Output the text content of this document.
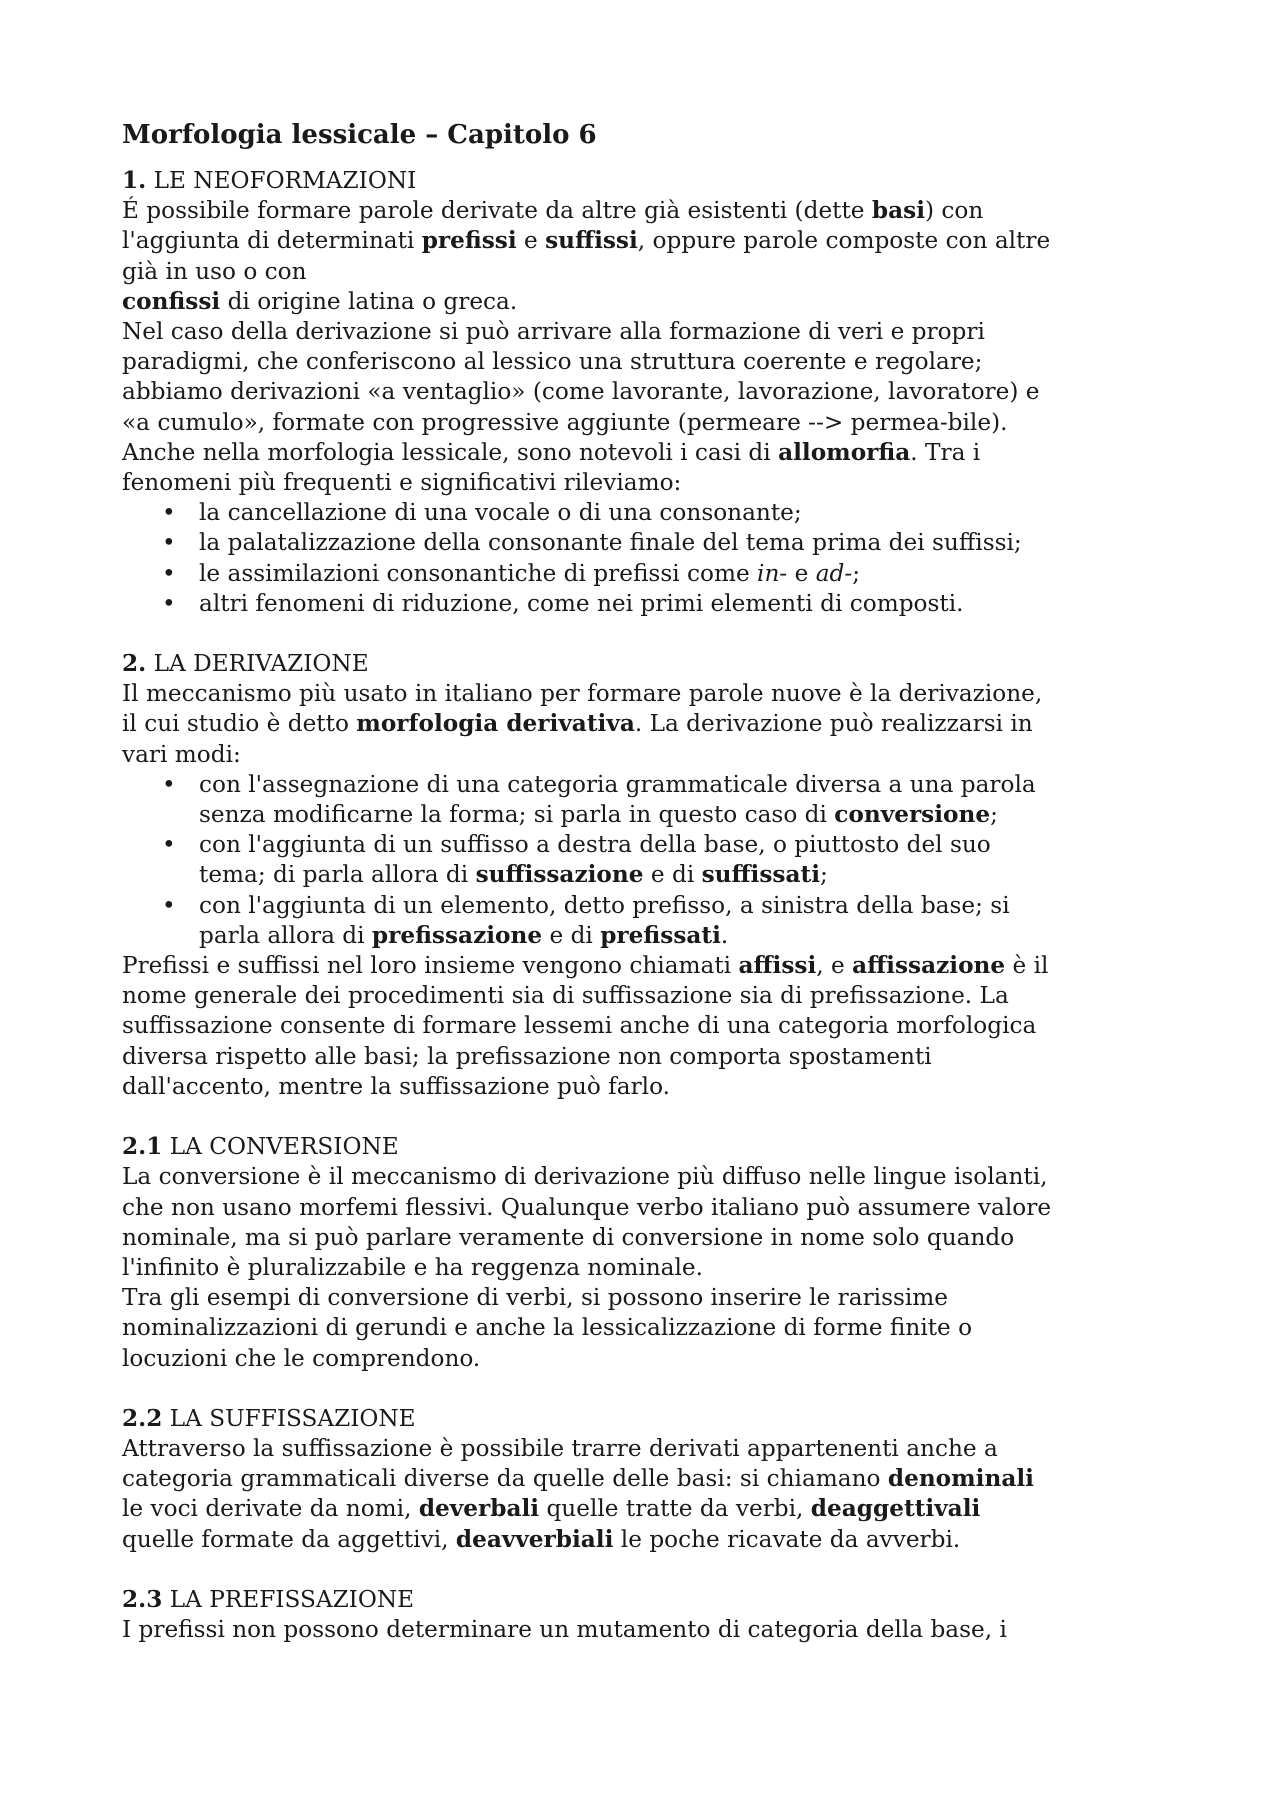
Morfologia lessicale – Capitolo 6
1. LE NEOFORMAZIONI

É possibile formare parole derivate da altre già esistenti (dette basi) con
l'aggiunta di determinati prefissi e suffissi, oppure parole composte con altre
già in uso o con
confissi di origine latina o greca.

Nel caso della derivazione si può arrivare alla formazione di veri e propri
paradigmi, che conferiscono al lessico una struttura coerente e regolare;
abbiamo derivazioni «a ventaglio» (come lavorante, lavorazione, lavoratore) e
«a cumulo», formate con progressive aggiunte (permeare --> permea-bile).

Anche nella morfologia lessicale, sono notevoli i casi di allomorfia. Tra i
fenomeni più frequenti e significativi rileviamo:

• la cancellazione di una vocale o di una consonante;
• la palatalizzazione della consonante finale del tema prima dei suffissi;
• le assimilazioni consonantiche di prefissi come in- e ad-;
• altri fenomeni di riduzione, come nei primi elementi di composti.
2. LA DERIVAZIONE

Il meccanismo più usato in italiano per formare parole nuove è la derivazione,
il cui studio è detto morfologia derivativa. La derivazione può realizzarsi in
vari modi:

• con l'assegnazione di una categoria grammaticale diversa a una parola
senza modificarne la forma; si parla in questo caso di conversione;
• con l'aggiunta di un suffisso a destra della base, o piuttosto del suo
tema; di parla allora di suffissazione e di suffissati;
• con l'aggiunta di un elemento, detto prefisso, a sinistra della base; si
parla allora di prefissazione e di prefissati.

Prefissi e suffissi nel loro insieme vengono chiamati affissi, e affissazione è il
nome generale dei procedimenti sia di suffissazione sia di prefissazione. La
suffissazione consente di formare lessemi anche di una categoria morfologica
diversa rispetto alle basi; la prefissazione non comporta spostamenti
dall'accento, mentre la suffissazione può farlo.

2.1 LA CONVERSIONE

La conversione è il meccanismo di derivazione più diffuso nelle lingue isolanti,
che non usano morfemi flessivi. Qualunque verbo italiano può assumere valore
nominale, ma si può parlare veramente di conversione in nome solo quando
l'infinito è pluralizzabile e ha reggenza nominale.

Tra gli esempi di conversione di verbi, si possono inserire le rarissime
nominalizzazioni di gerundi e anche la lessicalizzazione di forme finite o
locuzioni che le comprendono.

2.2 LA SUFFISSAZIONE

Attraverso la suffissazione è possibile trarre derivati appartenenti anche a
categoria grammaticali diverse da quelle delle basi: si chiamano denominali
le voci derivate da nomi, deverbali quelle tratte da verbi, deaggettivali
quelle formate da aggettivi, deavverbiali le poche ricavate da avverbi.

2.3 LA PREFISSAZIONE

I prefissi non possono determinare un mutamento di categoria della base, i
